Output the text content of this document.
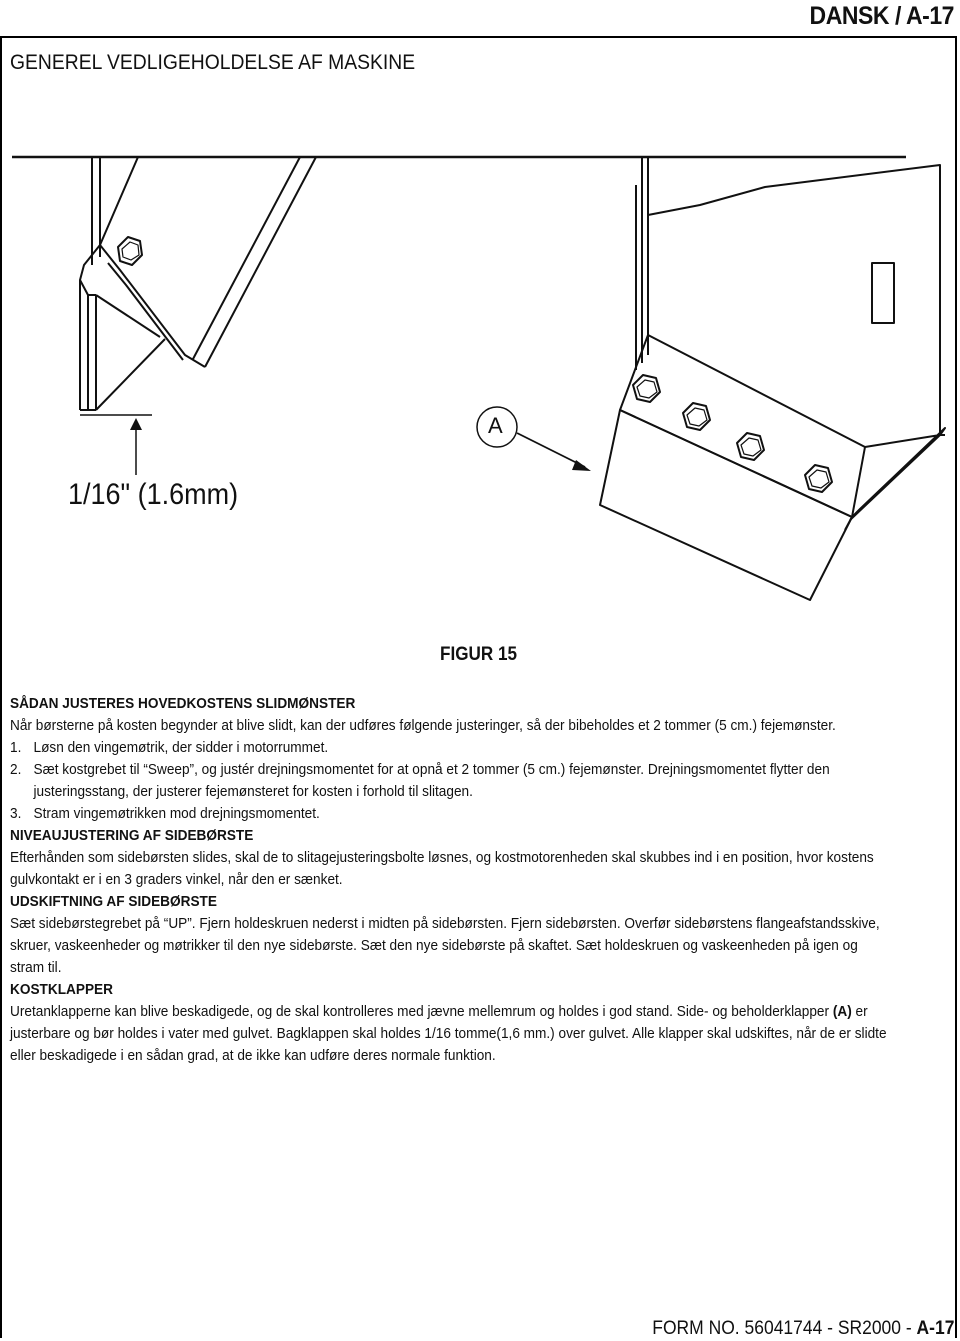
DANSK / A-17
GENEREL VEDLIGEHOLDELSE AF MASKINE
A
1/16" (1.6mm)
FIGUR 15
SÅDAN JUSTERES HOVEDKOSTENS SLIDMØNSTER
Når børsterne på kosten begynder at blive slidt, kan der udføres følgende justeringer, så der bibeholdes et 2 tommer (5 cm.) fejemønster.
1. Løsn den vingemøtrik, der sidder i motorrummet.
2. Sæt kostgrebet til “Sweep”, og justér drejningsmomentet for at opnå et 2 tommer (5 cm.) fejemønster. Drejningsmomentet flytter den
justeringsstang, der justerer fejemønsteret for kosten i forhold til slitagen.
3. Stram vingemøtrikken mod drejningsmomentet.
NIVEAUJUSTERING AF SIDEBØRSTE
Efterhånden som sidebørsten slides, skal de to slitagejusteringsbolte løsnes, og kostmotorenheden skal skubbes ind i en position, hvor kostens
gulvkontakt er i en 3 graders vinkel, når den er sænket.
UDSKIFTNING AF SIDEBØRSTE
Sæt sidebørstegrebet på “UP”. Fjern holdeskruen nederst i midten på sidebørsten. Fjern sidebørsten. Overfør sidebørstens flangeafstandsskive,
skruer, vaskeenheder og møtrikker til den nye sidebørste. Sæt den nye sidebørste på skaftet. Sæt holdeskruen og vaskeenheden på igen og
stram til.
KOSTKLAPPER
Uretanklapperne kan blive beskadigede, og de skal kontrolleres med jævne mellemrum og holdes i god stand. Side- og beholderklapper (A) er
justerbare og bør holdes i vater med gulvet. Bagklappen skal holdes 1/16 tomme(1,6 mm.) over gulvet. Alle klapper skal udskiftes, når de er slidte
eller beskadigede i en sådan grad, at de ikke kan udføre deres normale funktion.
FORM NO. 56041744 - SR2000 - A-17
